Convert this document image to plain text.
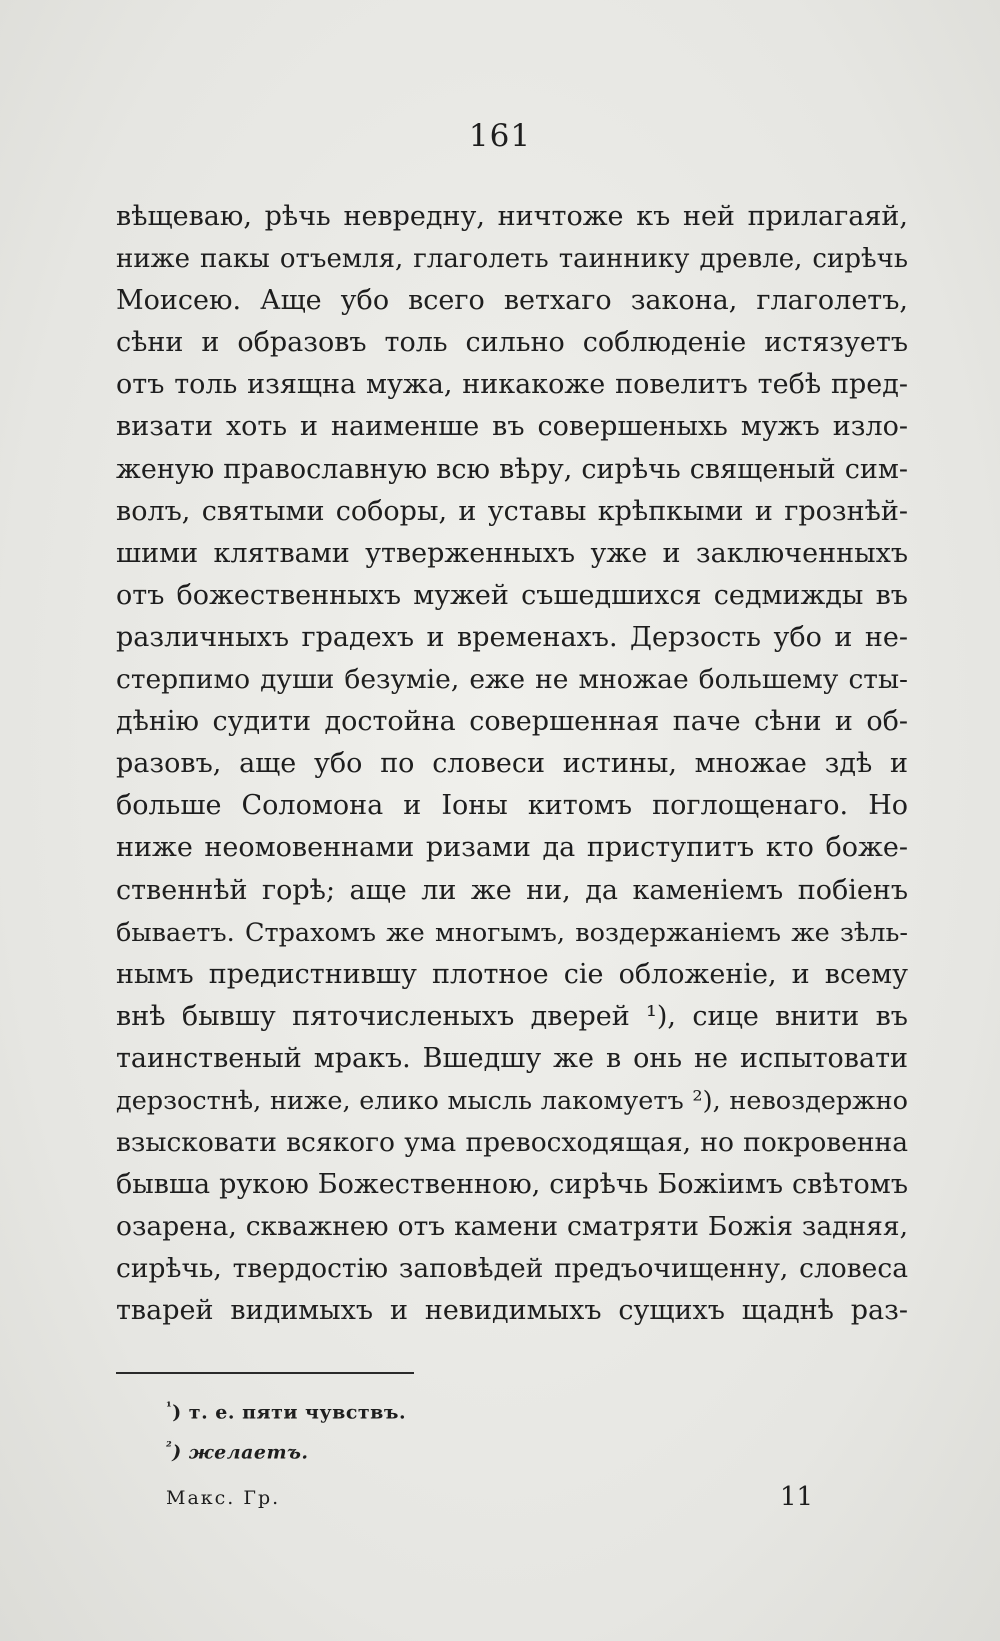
161
вѣщеваю, рѣчь невредну, ничтоже къ ней прилагаяй,
ниже пакы отъемля, глаголеть таиннику древле, сирѣчь
Моисею. Аще убо всего ветхаго закона, глаголетъ,
сѣни и образовъ толь сильно соблюденіе истязуетъ
отъ толь изящна мужа, никакоже повелитъ тебѣ пред-
визати хоть и наименше въ совершеныхь мужъ изло-
женую православную всю вѣру, сирѣчь священый сим-
волъ, святыми соборы, и уставы крѣпкыми и грознѣй-
шими клятвами утверженныхъ уже и заключенныхъ
отъ божественныхъ мужей съшедшихся седмижды въ
различныхъ градехъ и временахъ. Дерзость убо и не-
стерпимо души безуміе, еже не множае большему сты-
дѣнію судити достойна совершенная паче сѣни и об-
разовъ, аще убо по словеси истины, множае здѣ и
больше Соломона и Іоны китомъ поглощенаго. Но
ниже неомовеннами ризами да приступитъ кто боже-
ственнѣй горѣ; аще ли же ни, да каменіемъ побіенъ
бываетъ. Страхомъ же многымъ, воздержаніемъ же зѣль-
нымъ предистнившу плотное сіе обложеніе, и всему
внѣ бывшу пяточисленыхъ дверей ¹), сице внити въ
таинственый мракъ. Вшедшу же в онь не испытовати
дерзостнѣ, ниже, елико мысль лакомуетъ ²), невоздержно
взысковати всякого ума превосходящая, но покровенна
бывша рукою Божественною, сирѣчь Божіимъ свѣтомъ
озарена, скважнею отъ камени сматряти Божія задняя,
сирѣчь, твердостію заповѣдей предъочищенну, словеса
тварей видимыхъ и невидимыхъ сущихъ щаднѣ раз-
$^{^1}$) т. е. пяти чувствъ.
$^{^2}$) желаетъ.
Макс. Гр.	11
